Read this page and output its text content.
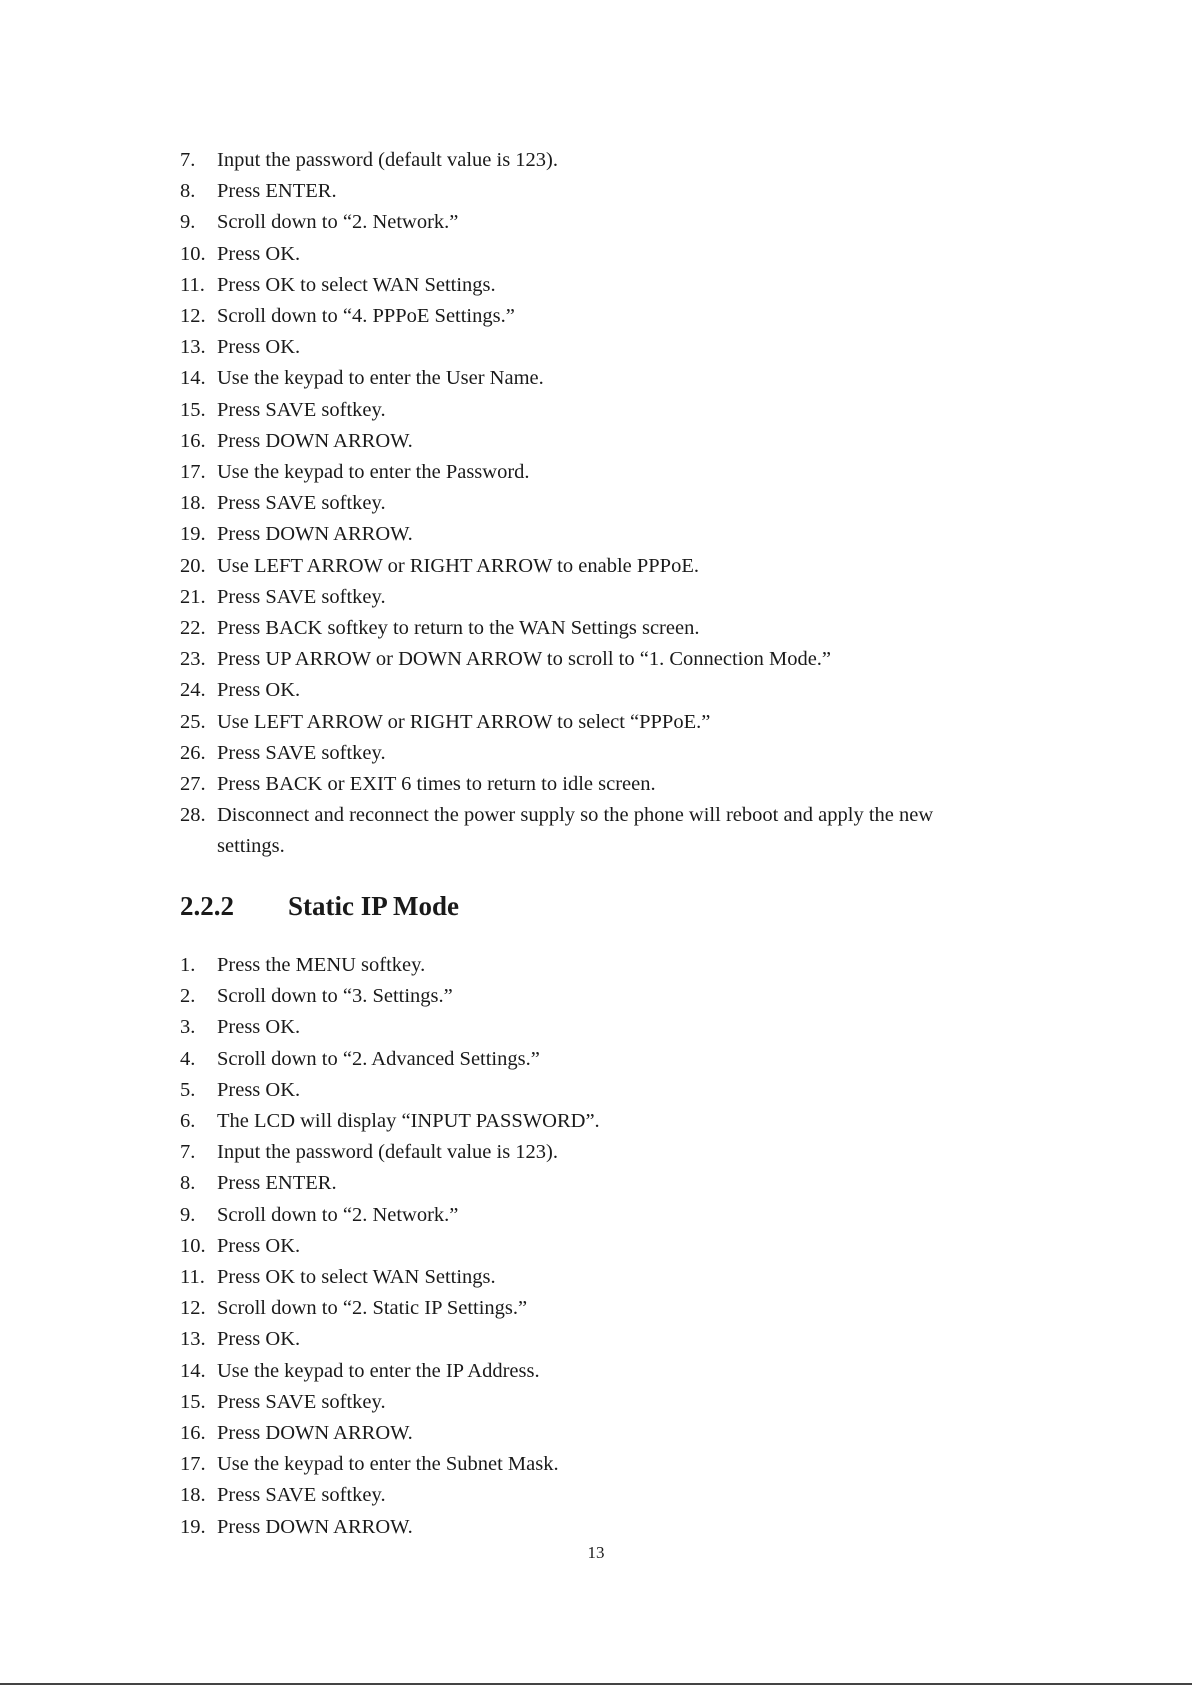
7. Input the password (default value is 123).
8. Press ENTER.
9. Scroll down to “2. Network.”
10. Press OK.
11. Press OK to select WAN Settings.
12. Scroll down to “4. PPPoE Settings.”
13. Press OK.
14. Use the keypad to enter the User Name.
15. Press SAVE softkey.
16. Press DOWN ARROW.
17. Use the keypad to enter the Password.
18. Press SAVE softkey.
19. Press DOWN ARROW.
20. Use LEFT ARROW or RIGHT ARROW to enable PPPoE.
21. Press SAVE softkey.
22. Press BACK softkey to return to the WAN Settings screen.
23. Press UP ARROW or DOWN ARROW to scroll to “1. Connection Mode.”
24. Press OK.
25. Use LEFT ARROW or RIGHT ARROW to select “PPPoE.”
26. Press SAVE softkey.
27. Press BACK or EXIT 6 times to return to idle screen.
28. Disconnect and reconnect the power supply so the phone will reboot and apply the new
settings.
2.2.2 Static IP Mode
1. Press the MENU softkey.
2. Scroll down to “3. Settings.”
3. Press OK.
4. Scroll down to “2. Advanced Settings.”
5. Press OK.
6. The LCD will display “INPUT PASSWORD”.
7. Input the password (default value is 123).
8. Press ENTER.
9. Scroll down to “2. Network.”
10. Press OK.
11. Press OK to select WAN Settings.
12. Scroll down to “2. Static IP Settings.”
13. Press OK.
14. Use the keypad to enter the IP Address.
15. Press SAVE softkey.
16. Press DOWN ARROW.
17. Use the keypad to enter the Subnet Mask.
18. Press SAVE softkey.
19. Press DOWN ARROW.
13
